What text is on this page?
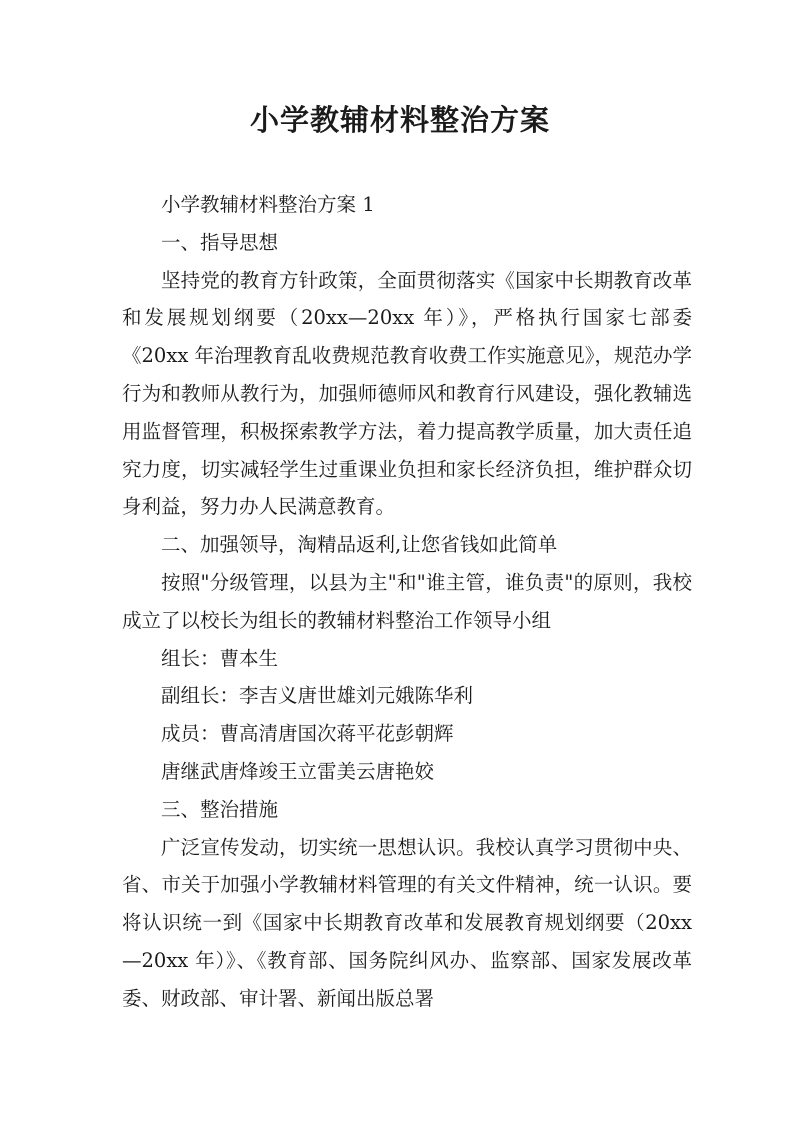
小学教辅材料整治方案

小学教辅材料整治方案 1

一、指导思想

坚持党的教育方针政策，全面贯彻落实《国家中长期教育改革和发展规划纲要（20xx—20xx 年）》，严格执行国家七部委《20xx 年治理教育乱收费规范教育收费工作实施意见》，规范办学行为和教师从教行为，加强师德师风和教育行风建设，强化教辅选用监督管理，积极探索教学方法，着力提高教学质量，加大责任追究力度，切实减轻学生过重课业负担和家长经济负担，维护群众切身利益，努力办人民满意教育。

二、加强领导，淘精品返利,让您省钱如此简单

按照"分级管理，以县为主"和"谁主管，谁负责"的原则，我校成立了以校长为组长的教辅材料整治工作领导小组

组长：曹本生

副组长：李吉义唐世雄刘元娥陈华利

成员：曹高清唐国次蒋平花彭朝辉

唐继武唐烽竣王立雷美云唐艳姣

三、整治措施

广泛宣传发动，切实统一思想认识。我校认真学习贯彻中央、省、市关于加强小学教辅材料管理的有关文件精神，统一认识。要将认识统一到《国家中长期教育改革和发展教育规划纲要（20xx—20xx 年）》、《教育部、国务院纠风办、监察部、国家发展改革委、财政部、审计署、新闻出版总署
